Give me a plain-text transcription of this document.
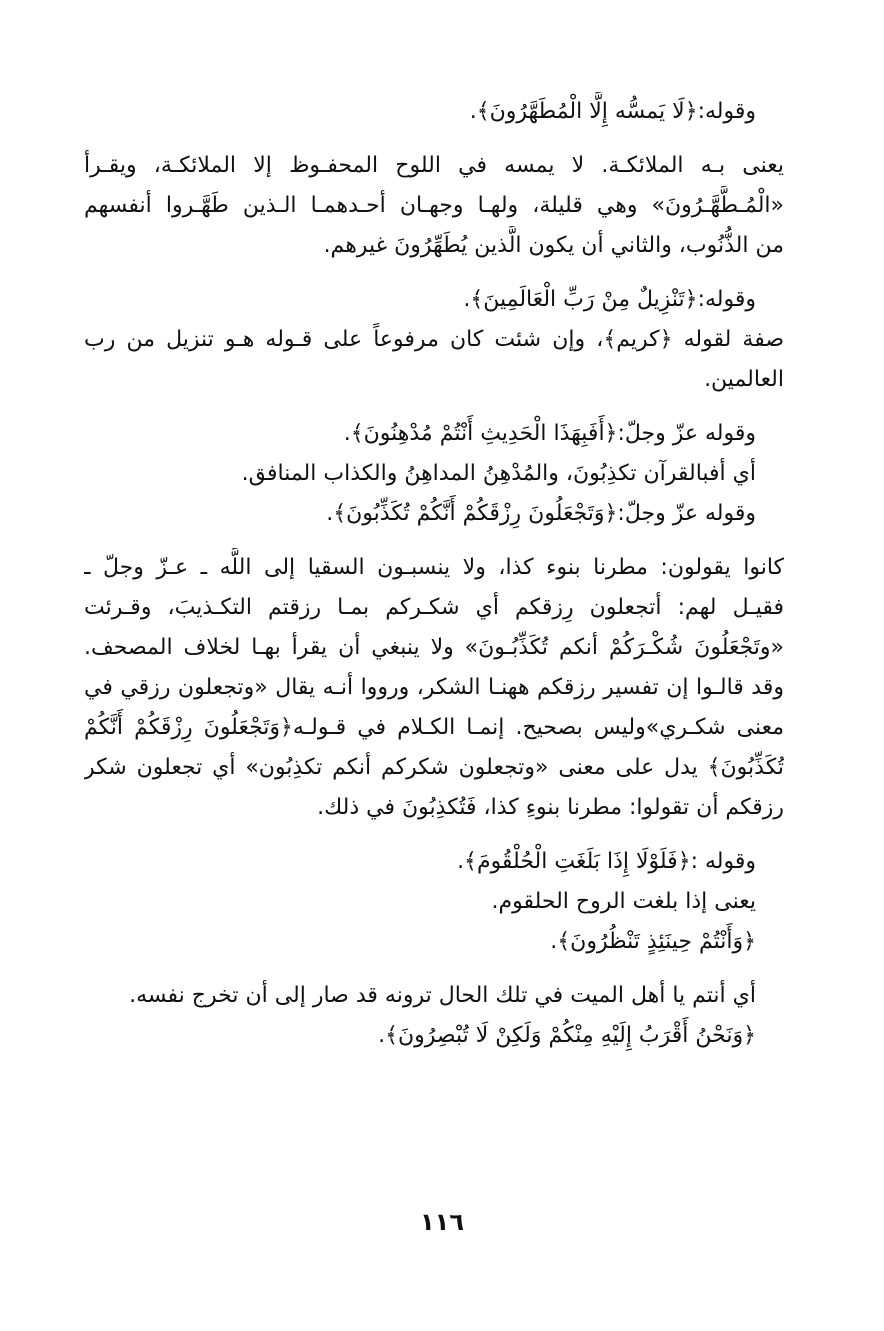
وقوله:﴿لَا يَمسُّه إِلَّا الْمُطَهَّرُونَ﴾.
يعنى بـه الملائكـة. لا يمسه في اللوح المحفـوظ إلا الملائكـة، ويقـرأ
«الْمُـطَّهَّـرُونَ» وهي قليلة، ولهـا وجهـان أحـدهمـا الـذين طَهَّـروا أنفسهم
من الذُّنُوب، والثاني أن يكون الَّذين يُطَهِّرُونَ غيرهم.
وقوله:﴿تَنْزِيلٌ مِنْ رَبِّ الْعَالَمِينَ﴾.
صفة لقوله ﴿كريم﴾، وإن شئت كان مرفوعاً على قـوله هـو تنزيل من رب
العالمين.
وقوله عزّ وجلّ:﴿أَفَبِهَذَا الْحَدِيثِ أَنْتُمْ مُدْهِنُونَ﴾.
أي أفبالقرآن تكذِبُونَ، والمُدْهِنُ المداهِنُ والكذاب المنافق.
وقوله عزّ وجلّ:﴿وَتَجْعَلُونَ رِزْقَكُمْ أَنَّكُمْ تُكَذِّبُونَ﴾.
كانوا يقولون: مطرنا بنوء كذا، ولا ينسبـون السقيا إلى اللَّه ـ عـزّ وجلّ ـ
فقيـل لهم: أتجعلون رِزقكم أي شكـركم بمـا رزقتم التكـذيبَ، وقـرئت
«وتَجْعَلُونَ شُكْـرَكُمْ أنكم تُكَذِّبُـونَ» ولا ينبغي أن يقرأ بهـا لخلاف المصحف.
وقد قالـوا إن تفسير رزقكم ههنـا الشكر، ورووا أنـه يقال «وتجعلون رزقي في
معنى شكـري»وليس بصحيح. إنمـا الكـلام في قـولـه﴿وَتَجْعَلُونَ رِزْقَكُمْ أَنَّكُمْ
تُكَذِّبُونَ﴾ يدل على معنى «وتجعلون شكركم أنكم تكذِبُون» أي تجعلون شكر
رزقكم أن تقولوا: مطرنا بنوءِ كذا، فَتُكذِبُونَ في ذلك.
وقوله :﴿فَلَوْلَا إِذَا بَلَغَتِ الْحُلْقُومَ﴾.
يعنى إذا بلغت الروح الحلقوم.
﴿وَأَنْتُمْ حِينَئِذٍ تَنْظُرُونَ﴾.
أي أنتم يا أهل الميت في تلك الحال ترونه قد صار إلى أن تخرج نفسه.
﴿وَنَحْنُ أَقْرَبُ إِلَيْهِ مِنْكُمْ وَلَكِنْ لَا تُبْصِرُونَ﴾.
١١٦
